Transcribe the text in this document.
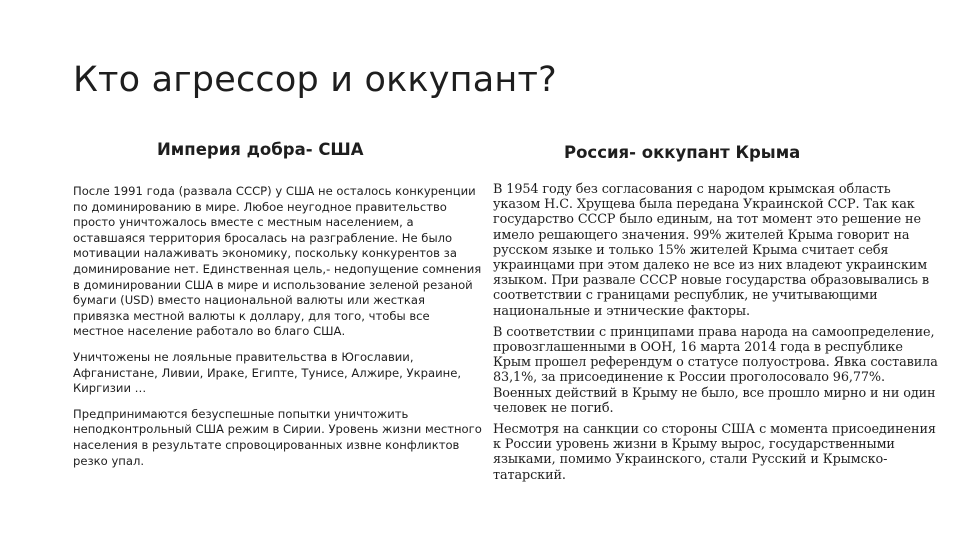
Кто агрессор и оккупант?
Империя добра- США	Россия- оккупант Крыма

После 1991 года (развала СССР) у США не осталось конкуренции по доминированию в мире. Любое неугодное правительство просто уничтожалось вместе с местным населением, а оставшаяся территория бросалась на разграбление. Не было мотивации налаживать экономику, поскольку конкурентов за доминирование нет. Единственная цель,- недопущение сомнения в доминировании США в мире и использование зеленой резаной бумаги (USD) вместо национальной валюты или жесткая привязка местной валюты к доллару, для того, чтобы все местное население работало во благо США.

Уничтожены не лояльные правительства в Югославии, Афганистане, Ливии, Ираке, Египте, Тунисе, Алжире, Украине, Киргизии …

Предпринимаются безуспешные попытки уничтожить неподконтрольный США режим в Сирии. Уровень жизни местного населения в результате спровоцированных извне конфликтов резко упал.

В 1954 году без согласования с народом крымская область указом Н.С. Хрущева была передана Украинской ССР. Так как государство СССР было единым, на тот момент это решение не имело решающего значения. 99% жителей Крыма говорит на русском языке и только 15% жителей Крыма считает себя украинцами при этом далеко не все из них владеют украинским языком. При развале СССР новые государства образовывались в соответствии с границами республик, не учитывающими национальные и этнические факторы.

В соответствии с принципами права народа на самоопределение, провозглашенными в ООН, 16 марта 2014 года в республике Крым прошел референдум о статусе полуострова. Явка составила 83,1%, за присоединение к России проголосовало 96,77%. Военных действий в Крыму не было, все прошло мирно и ни один человек не погиб.

Несмотря на санкции со стороны США с момента присоединения к России уровень жизни в Крыму вырос, государственными языками, помимо Украинского, стали Русский и Крымско- татарский.
